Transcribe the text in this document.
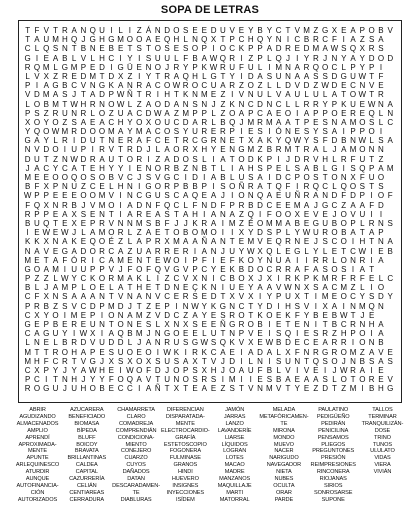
SOPA DE LETRAS
T F V T R A N Q U I L I Z Á N D O S E E D U V E Y B Y C T V M Z G X E A P O B V
T A U M H Q J G H G M O O A E Q H L N Q X T P C H Q Y N I C B R C F I A Z S A
C L Q S N T B N E B E T S T O S E S O P I O C K P P A D R E D M A W S Q X R S
G I E A B L V L H C I Y I S U U L F B A W Q R I Z P L Q J I Y R J N Y A Y D O D
R Q M L G M P E D I G Ü E N O J R Y P K W R U F U L I M N A R Q O C L P Y P I
L V X Z R E D M T D X Z I Y T R A Q H L G T Y I D A S U N A A S S D G U W T F
P I A G B C V N G K A N R A C O W R O C U A R Z O Z L L D V D Z W D E C N V E
V D M A S J T A D P W Ñ T R I H T K N M E Z I V N U L V A U L U L A T O W T R
L O B M T W H R N O W L Z A O D A N S N J Z K N C D N C L L R R Y P K U E W N A
P S Z R U N R L O Z U A C D W A Z M P P L Z O A P C A E O I A P P O E R E Q L N
X O Y O Z S A E A C H Y O X O U C D A R L B Q J M R M A A T P E S N A M O S L C
Y Q O W M R D O O M A Y M A C O S Y U R E R P I E S I Ó N E S Y S A I P P O I
G A Y L R I D U T N E R A F C E T R C G R N E T X A K Y Q W Y S F D B N W L S A
N V D O I U P I R V T R D J L A O R X H Y E N G M Z B R M T R A L J A M O N N
D U T Z N W D R A U T O R I Z A D O S L I A T O D K P I J D R V H L R F U T Z
J A C Y C A T E H Y Y I E N O R B Z N B T L I A H S P E L S A B L G I S Q P A M
M E E O O Q O S O B V C J S V G C I D I A B L U S A I D C P O S T O N X F U O
B F X P N U Z C E L H N I G O R P B B P I S O Ñ R A T Q F I R Q C L Q O S T S
W P P E E E O O M V I N C G U S C A Q E A J I O N Q A E U Ñ R A N D F D P I O F
F Q X N R B J V M O I A D N F Q C L F N D F P R B D C E E M A J G C Z A A F D
R P P E A X S E N T I A R E A S T A H I A N A Z Q I F O O X E V E J O V U I I
B U Q T E X E P R V N N M S B F J J K R A I M Z É O M M A B E G U B O P L R N S
I E W E W J L A M O R L Z A E T O B O M O I I X Y D S P L Y W U R O B A T A P
K K X N A K E Q O É Z L A P R X M A A Ñ A N T E M V E Q R N E J S C O I H T N A
N A V E G A D O R C A Z U A R R E R I A N J U Y W X Q L E G L Y L E T C W I E B
M E T A F Ó R I C A M E N T E W O I P F I E F K O Y N U A I I R R L O N R I A
G O A M I U U P P V J F O F Q V G V P C Y E K B D O C R R A F A S O S I A T
P Z Z L W Y C K O R M A K L I Z C V X N I C B O X J X I R K P K M R F R F E L C
B L J A M P L O E L A T H E T D N E Ç K N I U E Y A A V W N X S A C M Z L I O
C F X N S A A A N T V N A N V C E R S E D T X V X I Y P U X T I M E O C Y S D Y
P R B Z S V C D P M D J T Z E P I N W Y K G N C T Y D I H S V I X A I N M Q N
C X Y O I M E P I O N A M Z V D C Z A Y E S R O T K O E K F Y B E B W T J E
G E P B E R E U N T O N E S L X N X S E E Ñ G R O B I E T E N I T B C R N H A
C A G U Y I W X I A Q B M J N G O E E L U T N P V E I S Q I E S R Z H P O I A
L N E L B R D V U D D L J A N R U S G W S Q K V X E W B D E C E A R R I O N B
M T T R O H A P E S U O E O I W K I R K C A E I A D A L X F N R G R O M Z A V E
M H F C R T V G J X S X O X S U S A X T V J D I L N I S U N T Q S O J N B S A S
C X P Y J Y A W H E I W O F D J O P S X H J O A U F B L V I V E I J W R A I E
P C I T N H J Y Y F O Q A V T U N O S R S I M I I E S B A E A A S L O T O R E V
R O G U J U H O B E C C I A Ñ T X T E A E Z S T V N M V T Y E Z D T Z M I B H G
ABRIR
AGUDIZANDO
ALMACENADOS
AMPLIO
APRENDÍ
APROXIMADA-
MENTE
APUNTE
ARLEQUINESCO
ATURDIR
AUNQUE
AUTOFINANCIA-
CIÓN
AUTORIZADOS
AZUCARERA
BENEFICIADO
BIOMASA
BÍPEDA
BLUFF
BOICOY
BRAVATA
BRILLANTINAS
CALDEA
CAPITAL
CAZURRERÍA
CELIÁN
CENTIAREAS
CERRADURA
CHAMARRETA
CLARO
COMADREJA
COMPRENDIÁN
CONDICIONA-
MIENTO
CONEJERO
CUARZO
CUYOS
DAÑADOS
DATAN
DESCARADAMEN-
TE
DIABLURAS
DIFERENCIAN
DISPARATADA-
MENTE
ELECTROCARDIO-
GRAFÍA
ESTETOSCOPIO
FOGONERA
FULMINASE
GRANOS
HINDI
HUEVERO
INSIGNES
INYECCIONES
ISÍDEM
JAMÓN
JARRAS
LANZO
LAVANDERÍE
LIARSE
LÍQUIDOS
LOGRAN
LOTES
MACAO
MADRE
MANZANOS
MAQUILLAJE
MARTI
MATORRAL
MELADA
METAFÓRICAMEN-
TE
MIRONA
MONDO
MUEVO
NACER
NARIGUDO
NAVEGADOR
NIETA
NUBES
OCULTA
ORAR
PARDE
PAULATINO
PEDIGÜEÑO
PEDIRÁN
PENICILINA
PENSAMOS
PLIEGOS
PREGUNTONES
PRESIÓN
REIMPRESIONES
RINCONERA
RIOJANAS
SIRIOS
SONROSARSE
SUPONE
TALLOS
TERMINAR
TRANQUILIZÁN-
DOSE
TRINO
TUNOS
ULULATO
VIDAS
VIERA
VIVIÁN
